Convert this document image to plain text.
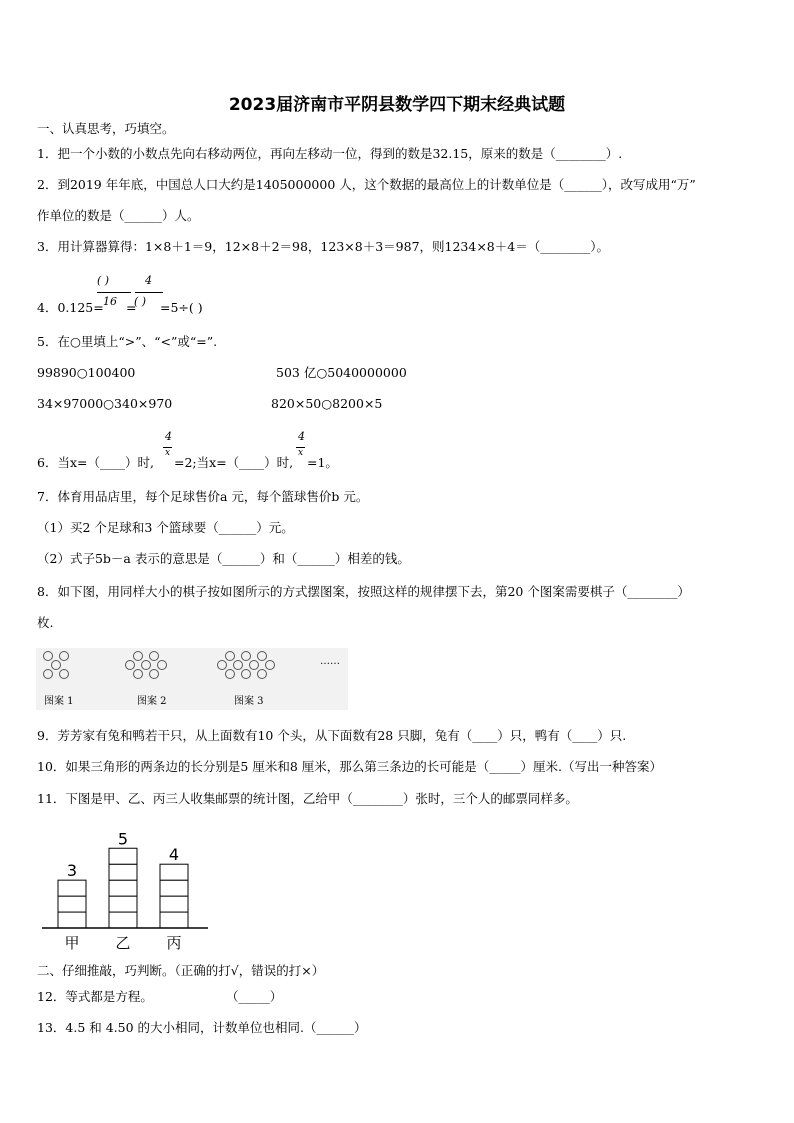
2023届济南市平阴县数学四下期末经典试题
一、认真思考，巧填空。
1．把一个小数的小数点先向右移动两位，再向左移动一位，得到的数是32.15，原来的数是（________）.
2．到2019 年年底，中国总人口大约是1405000000 人，这个数据的最高位上的计数单位是（______），改写成用“万”
作单位的数是（______）人。
3．用计算器算得：1×8＋1＝9，12×8＋2＝98，123×8＋3＝987，则1234×8＋4＝（________）。
4．0.125=
( )
16 =
4
( ) =5÷( )
5．在○里填上“>”、“<”或“=”.
99890○100400	503 亿○5040000000
34×97000○340×970	820×50○8200×5
6．当x=（____）时,
4
x
=2;当x=（____）时,
4
x
=1。
7．体育用品店里，每个足球售价a 元，每个篮球售价b 元。
（1）买2 个足球和3 个篮球要（______）元。
（2）式子5b－a 表示的意思是（______）和（______）相差的钱。
8．如下图，用同样大小的棋子按如图所示的方式摆图案，按照这样的规律摆下去，第20 个图案需要棋子（________）
枚.
图案 1	图案 2	图案 3
……
9．芳芳家有兔和鸭若干只，从上面数有10 个头，从下面数有28 只脚，兔有（____）只，鸭有（____）只.
10．如果三角形的两条边的长分别是5 厘米和8 厘米，那么第三条边的长可能是（_____）厘米.（写出一种答案）
11．下图是甲、乙、丙三人收集邮票的统计图，乙给甲（________）张时，三个人的邮票同样多。
3
甲
5
乙
4
丙
二、仔细推敲，巧判断。（正确的打√，错误的打×）
12．等式都是方程。	（_____）
13．4.5 和 4.50 的大小相同，计数单位也相同.（______）
